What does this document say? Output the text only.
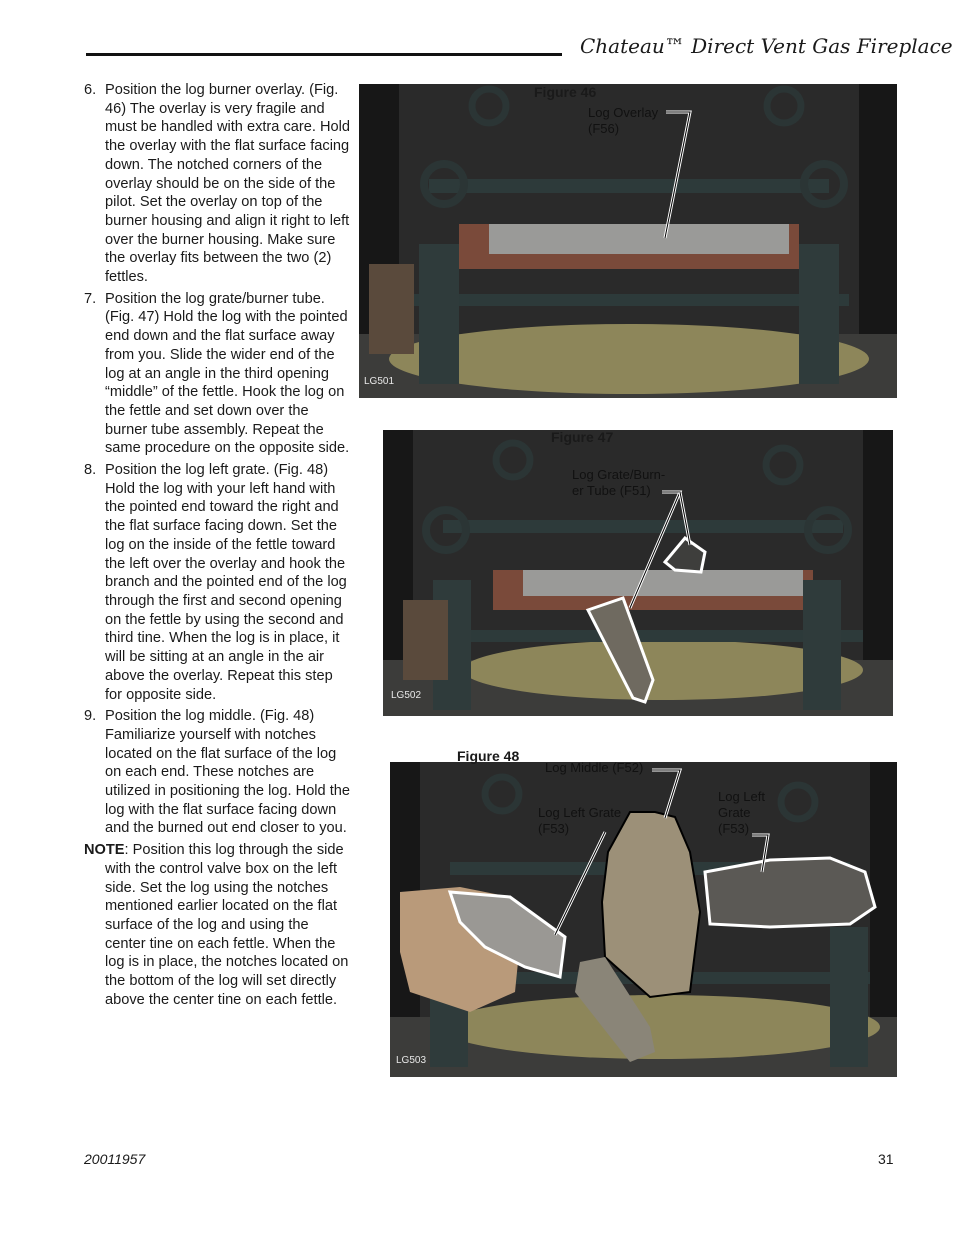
Chateau™ Direct Vent Gas Fireplace
6. Position the log burner overlay. (Fig. 46) The overlay is very fragile and must be handled with extra care. Hold the overlay with the flat surface facing down. The notched corners of the overlay should be on the side of the pilot. Set the overlay on top of the burner housing and align it right to left over the burner housing. Make sure the overlay fits between the two (2) fettles.
7. Position the log grate/burner tube. (Fig. 47) Hold the log with the pointed end down and the flat surface away from you. Slide the wider end of the log at an angle in the third opening “middle” of the fettle. Hook the log on the fettle and set down over the burner tube assembly. Repeat the same procedure on the opposite side.
8. Position the log left grate. (Fig. 48) Hold the log with your left hand with the pointed end toward the right and the flat surface facing down. Set the log on the inside of the fettle toward the left over the overlay and hook the branch and the pointed end of the log through the first and second opening on the fettle by using the second and third tine. When the log is in place, it will be sitting at an angle in the air above the overlay. Repeat this step for opposite side.
9. Position the log middle. (Fig. 48) Familiarize yourself with notches located on the flat surface of the log on each end. These notches are utilized in positioning the log. Hold the log with the flat surface facing down and the burned out end closer to you.
NOTE: Position this log through the side with the control valve box on the left side. Set the log using the notches mentioned earlier located on the flat surface of the log and using the center tine on each fettle. When the log is in place, the notches located on the bottom of the log will set directly above the center tine on each fettle.
LG501
Figure 46
Log Overlay
(F56)
LG502
Figure 47
Log Grate/Burn-
er Tube (F51)
LG503
Figure 48
Log Middle (F52)
Log Left Grate
(F53)
Log Left
Grate
(F53)
20011957	31
